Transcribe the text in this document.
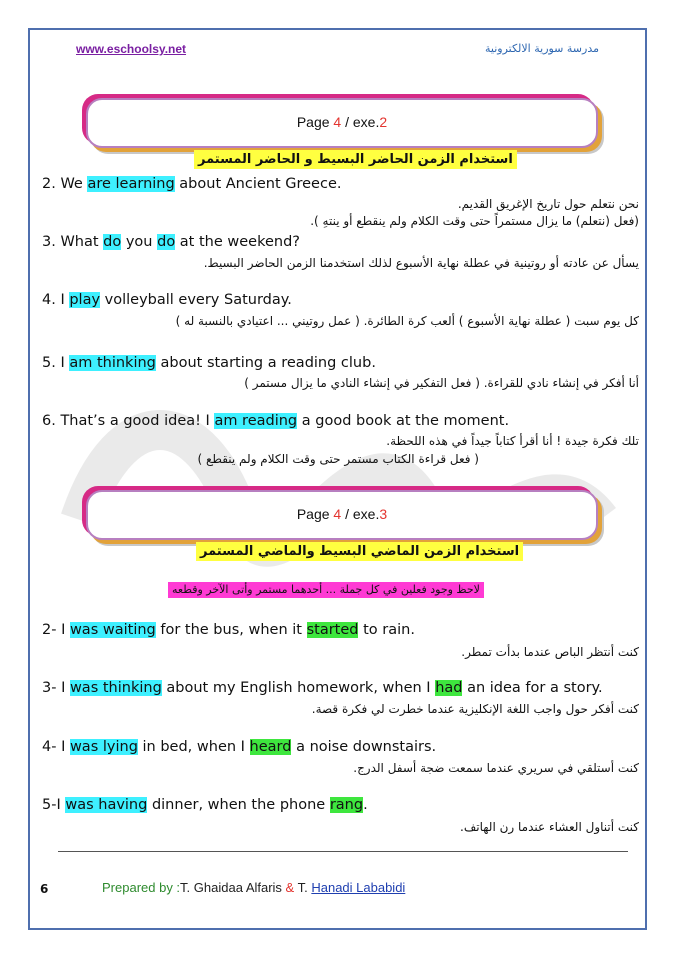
www.eschoolsy.net	مدرسة سورية الالكترونية
Page 4 / exe.2
استخدام الزمن الحاضر البسيط و الحاضر المستمر
2. We are learning about Ancient Greece.
نحن نتعلم حول تاريخ الإغريق القديم.
(فعل (نتعلم) ما يزال مستمراً حتى وقت الكلام ولم ينقطع أو ينتهِ ).
3. What do you do at the weekend?
يسأل عن عادته أو روتينية في عطلة نهاية الأسبوع لذلك استخدمنا الزمن الحاضر البسيط.
4. I play volleyball every Saturday.
كل يوم سبت ( عطلة نهاية الأسبوع ) ألعب كرة الطائرة. ( عمل روتيني ... اعتيادي بالنسبة له )
5. I am thinking about starting a reading club.
أنا أفكر في إنشاء نادي للقراءة. ( فعل التفكير في إنشاء النادي ما يزال مستمر )
6. That’s a good idea! I am reading a good book at the moment.
تلك فكرة جيدة ! أنا أقرأ كتاباً جيداً في هذه اللحظة.
( فعل قراءة الكتاب مستمر حتى وقت الكلام ولم ينقطع )
Page 4 / exe.3
استخدام الزمن الماضي البسيط والماضي المستمر
لاحظ وجود فعلين في كل جملة ... أحدهما مستمر وأتى الآخر وقطعه
2- I was waiting for the bus, when it started to rain.
كنت أنتظر الباص عندما بدأت تمطر.
3- I was thinking about my English homework, when I had an idea for a story.
كنت أفكر حول واجب اللغة الإنكليزية عندما خطرت لي فكرة قصة.
4- I was lying in bed, when I heard a noise downstairs.
كنت أستلقي في سريري عندما سمعت ضجة أسفل الدرج.
5-I was having dinner, when the phone rang.
كنت أتناول العشاء عندما رن الهاتف.
6	Prepared by :T. Ghaidaa Alfaris & T. Hanadi Lababidi
